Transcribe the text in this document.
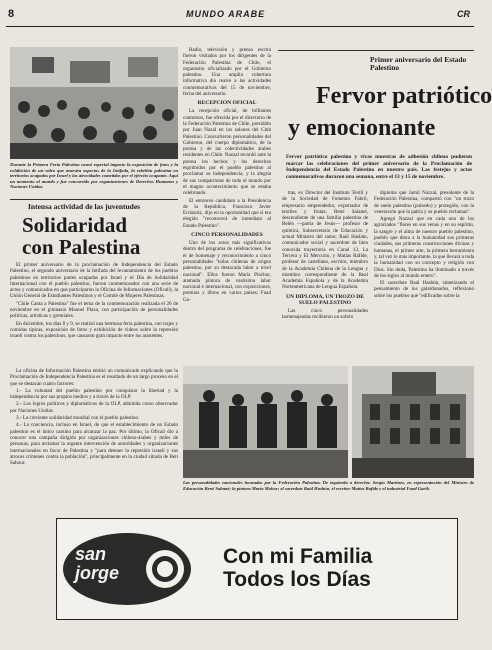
8	MUNDO ARABE	CR
Durante la Primera Feria Palestina causó especial impacto la exposición de fotos y la exhibición de un video que muestra aspectos de la Intifada, la rebelión palestina en territorios ocupados por Israel y las atrocidades cometidas por el ejército ocupante. Aquí un momento al mundo y fue concurrido por organizaciones de Derechos Humanos y Naciones Unidas.
Intensa actividad de las juventudes
Solidaridad
con Palestina

El primer aniversario de la proclamación de Independencia del Estado Palestino, el segundo aniversario de la Intifada del levantamiento de los pueblos palestinos en territorios partes ocupadas por Israel y el Día de Solidaridad Internacional con el pueblo palestino, fueron conmemorados con una serie de actos y comunicados en que participaron la Oficina de Informaciones (Oficali), la Unión General de Estudiantes Palestinos y el Comité de Mujeres Palestinas.

"Chile Canta a Palestina" fue el tema de la conmemoración realizada el 26 de noviembre en el gimnasio Manuel Plaza, con participación de personalidades políticas, artísticas y gremiales.

En diciembre, los días 8 y 9, se realizó una hermosa feria palestina, con trajes y comidas típicas, exposición de fotos y exhibición de videos sobre la represión israelí contra los palestinos, que causaron gran impacto entre los asistentes.

La oficina de Información Palestina emitió un comunicado explicando que la Proclamación de Independencia Palestina es el resultado de un largo proceso en el que se destacan cuatro factores:

1.- La voluntad del pueblo palestino por conquistar la libertad y la independencia por sus propios medios y a través de la OLP.

2.- Los logros políticos y diplomáticos de la OLP, admitida como observador por Naciones Unidas.

3.- La creciente solidaridad mundial con el pueblo palestino.

4.- La conciencia, incluso en Israel, de que el establecimiento de un Estado palestino es el único camino para alcanzar la paz. Por último, la Oficali dio a conocer una campaña dirigida por organizaciones chileno-árabes y miles de personas, para reclamar la urgente intervención de autoridades y organizaciones internacionales en favor de Palestina y "para detener la represión israelí y sus atroces crímenes contra la población", principalmente en la ciudad sitiada de Beit Sahour.

Radio, televisión y prensa escrita fueron visitados por los dirigentes de la Federación Palestina de Chile, el organismo oficializado por el Gobierno palestino. Una amplia cobertura informativa dio realce a las actividades conmemorativas del 15 de noviembre, fecha del aniversario.

RECEPCION OFICIAL

La recepción oficial, de brillantes contornos, fue ofrecida por el directorio de la Federación Palestina de Chile, presidido por Juan Nazal en los salones del Club Palestino. Concurrieron personalidades del Gobierno, del cuerpo diplomático, de la prensa y de las colectividades árabes residentes en Chile. Nazzal recordó ante la prensa los hechos y los derechos esgrimidos por el pueblo palestino al proclamar su independencia, y la alegría de sus compatriotas de todo el mundo por el magno acontecimiento que se estaba celebrando.

El entonces candidato a la Presidencia de la República, Francisco Javier Errázuriz, dijo en la oportunidad que si era elegido "reconocerá de inmediato al Estado Palestino".

CINCO PERSONALIDADES

Uno de los actos más significativos dentro del programa de celebraciones, fue el de homenaje y reconocimiento a cinco personalidades "todas chilenas de origen palestino, por su destacada labor a nivel nacional". Ellos fueron María Pinchor, atamada pintora de vastísima labor nacional e internacional, con exposiciones, premios y libros en varios países; Fuad Ga-

Primer aniversario del Estado Palestino
Fervor patriótico
y emocionante
Fervor patriótico palestino y vivas muestras de adhesión chilena pudieron marcar las celebraciones del primer aniversario de la Proclamación de Independencia del Estado Palestino en nuestro país. Las festejos y actos conmemorativos duraron una semana, entre el 13 y 15 de noviembre.

ttas, ex Director del Instituto Textil y de la Sociedad de Fomento Fabril, empresario emprendedor, exportador de textiles y frutas; René Salamé, descendiente de una familia palestina de Belén —patria de Jesús— profesor de química, Subsecretario de Educación y actual Ministro del ramo; Raúl Hasbún, comunicador social y sacerdote de bien conocida trayectoria en Canal 13, La Tercera y El Mercurio, y Matías Rafide, profesor de castellano, escritor, miembro de la Academia Chilena de la Lengua y miembro correspondiente de la Real Academia Española y de la Academia Norteamericana de Lengua Española.

UN DIPLOMA, UN TROZO DE SUELO PALESTINO

Las cinco personalidades homenajeadas recibieron un sobrio

diploma que Jamil Nazzal, presidente de la Federación Palestina, compartió con "un trozo de suelo palestino (pulsedo) y protegido, con la veneración que la patria y su pueblo reclaman".

Agregó Nazzal que en cada uno de los agraciados "flores en sus venas y en su espíritu, la sangre y el alma de nuestro pueblo palestino, pueblo que diera a la humanidad sus primeras ciudades, sus primeras construcciones divinas y humanas, el primer arte, la primera herramienta y, tal vez lo más importante, la que llevará a toda la humanidad con su concepto y religión con Dios. Sin duda, Palestina ha iluminado a través de los siglos al mundo entero".

El sacerdote Raúl Hasbún, sintetizando el pensamiento de los galardonados, reflexionó sobre los pueblos que "edificados sobre la

Las personalidades nacionales honradas por la Federación Palestina. De izquierda a derecha: Sergio Martínez, en representación del Ministro de Educación René Salamé; la pintora María Mohor; el sacerdote Raúl Hasbún, el escritor Matías Rafide y el industrial Fuad Garib.
san
jorge
Con mi Familia
Todos los Días
